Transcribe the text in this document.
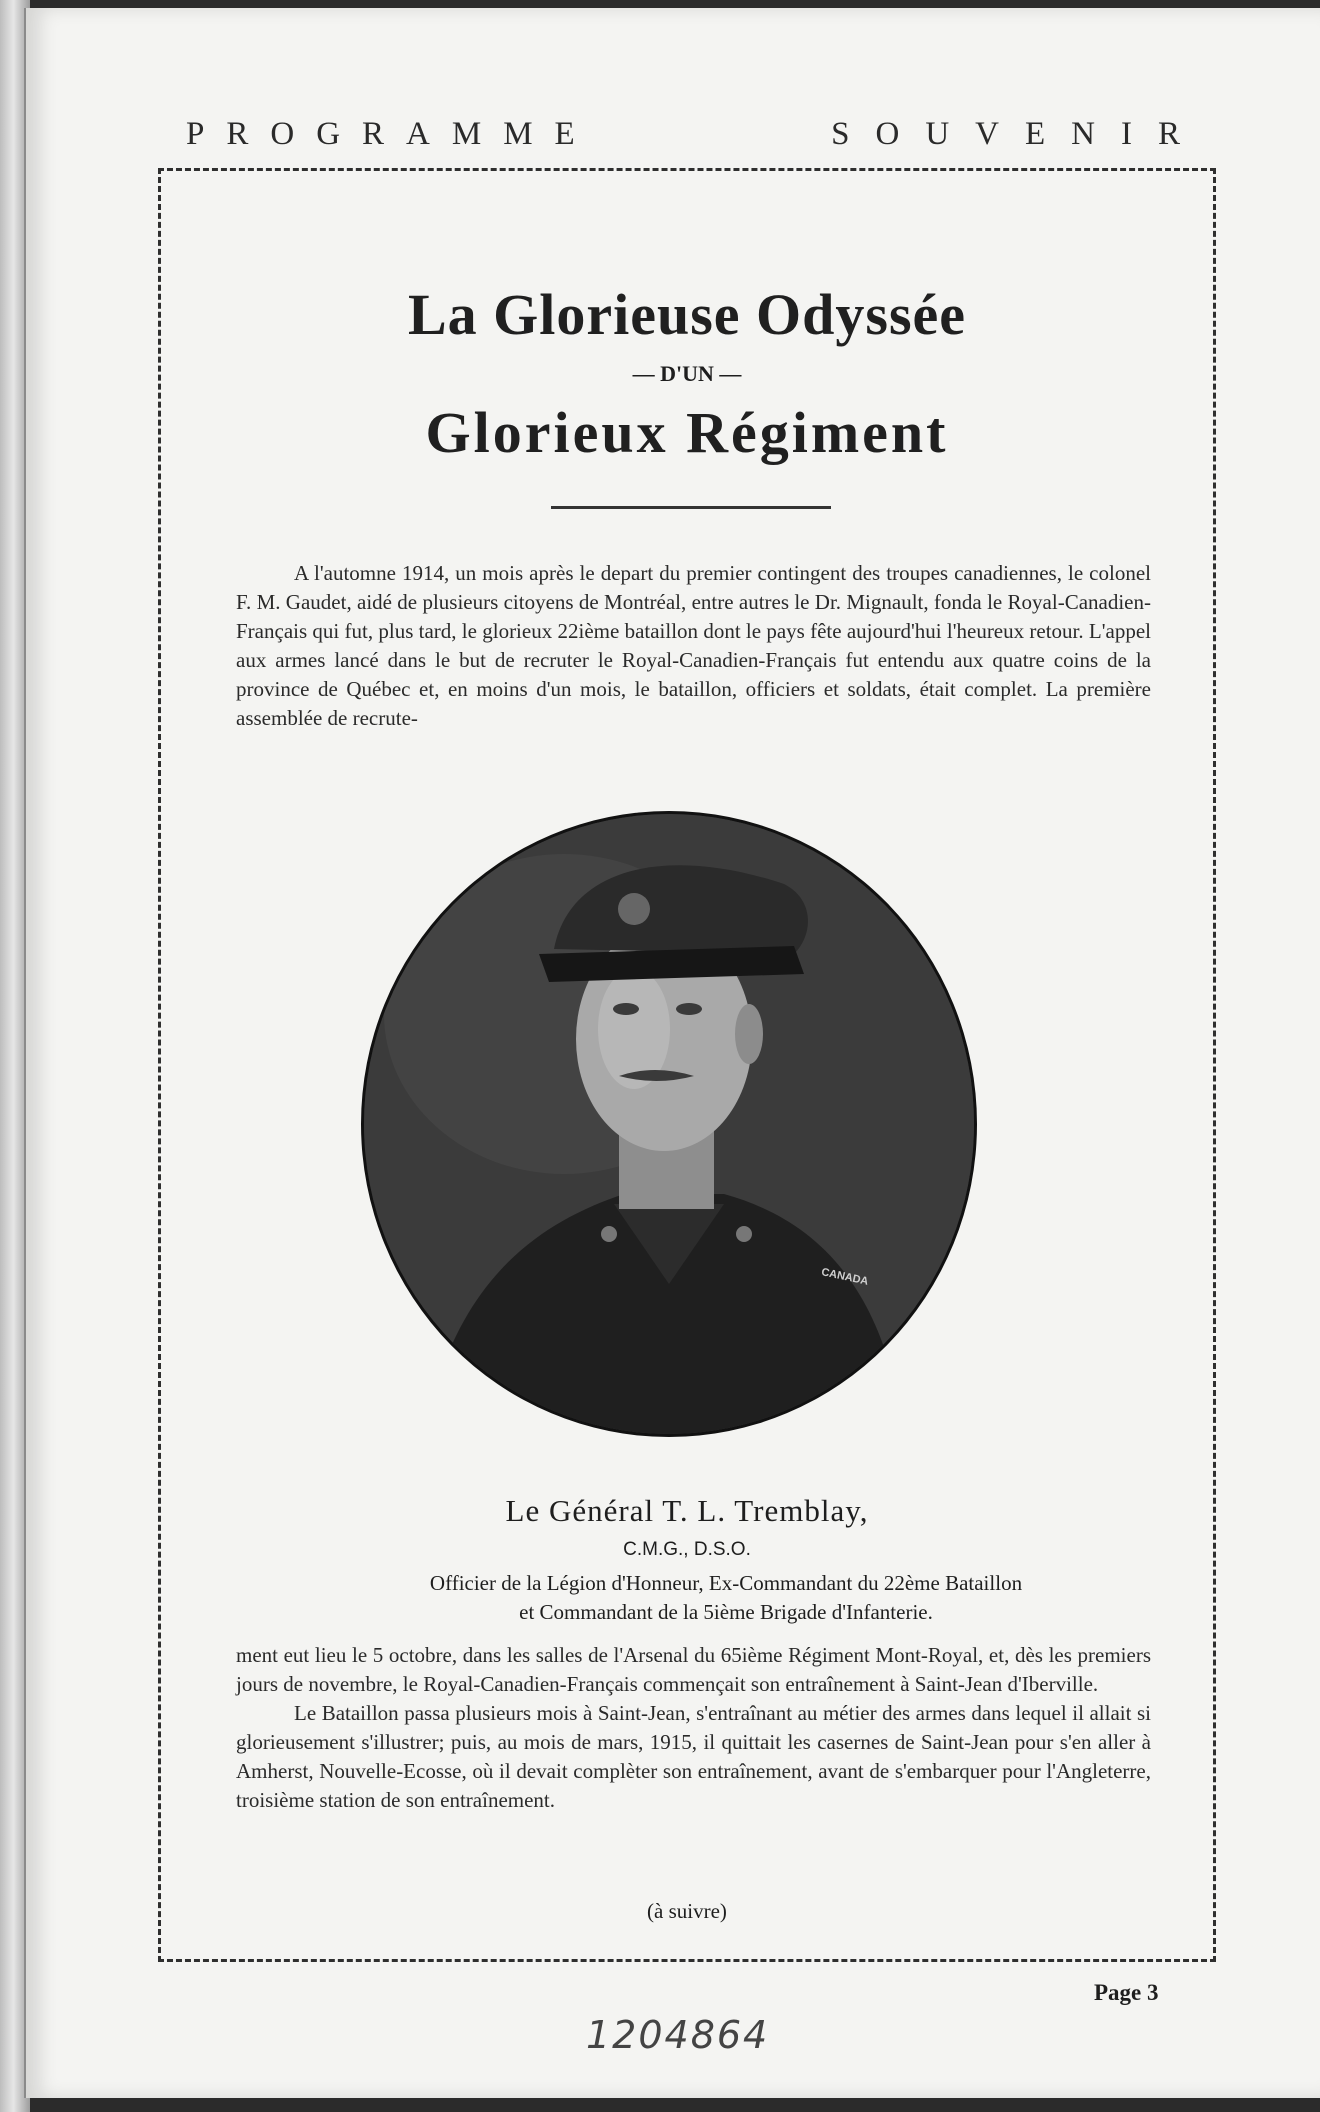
PROGRAMME	SOUVENIR
La Glorieuse Odyssée
— D'UN —
Glorieux Régiment

A l'automne 1914, un mois après le depart du premier contingent des troupes canadiennes, le colonel F. M. Gaudet, aidé de plusieurs citoyens de Montréal, entre autres le Dr. Mignault, fonda le Royal-Canadien-Français qui fut, plus tard, le glorieux 22ième bataillon dont le pays fête aujourd'hui l'heureux retour. L'appel aux armes lancé dans le but de recruter le Royal-Canadien-Français fut entendu aux quatre coins de la province de Québec et, en moins d'un mois, le bataillon, officiers et soldats, était complet. La première assemblée de recrute-

CANADA
Le Général T. L. Tremblay,
C.M.G., D.S.O.
Officier de la Légion d'Honneur, Ex-Commandant du 22ème Bataillon
et Commandant de la 5ième Brigade d'Infanterie.

ment eut lieu le 5 octobre, dans les salles de l'Arsenal du 65ième Régiment Mont-Royal, et, dès les premiers jours de novembre, le Royal-Canadien-Français commençait son entraînement à Saint-Jean d'Iberville.

Le Bataillon passa plusieurs mois à Saint-Jean, s'entraînant au métier des armes dans lequel il allait si glorieusement s'illustrer; puis, au mois de mars, 1915, il quittait les casernes de Saint-Jean pour s'en aller à Amherst, Nouvelle-Ecosse, où il devait complèter son entraînement, avant de s'embarquer pour l'Angleterre, troisième station de son entraînement.

(à suivre)
Page 3
1204864
